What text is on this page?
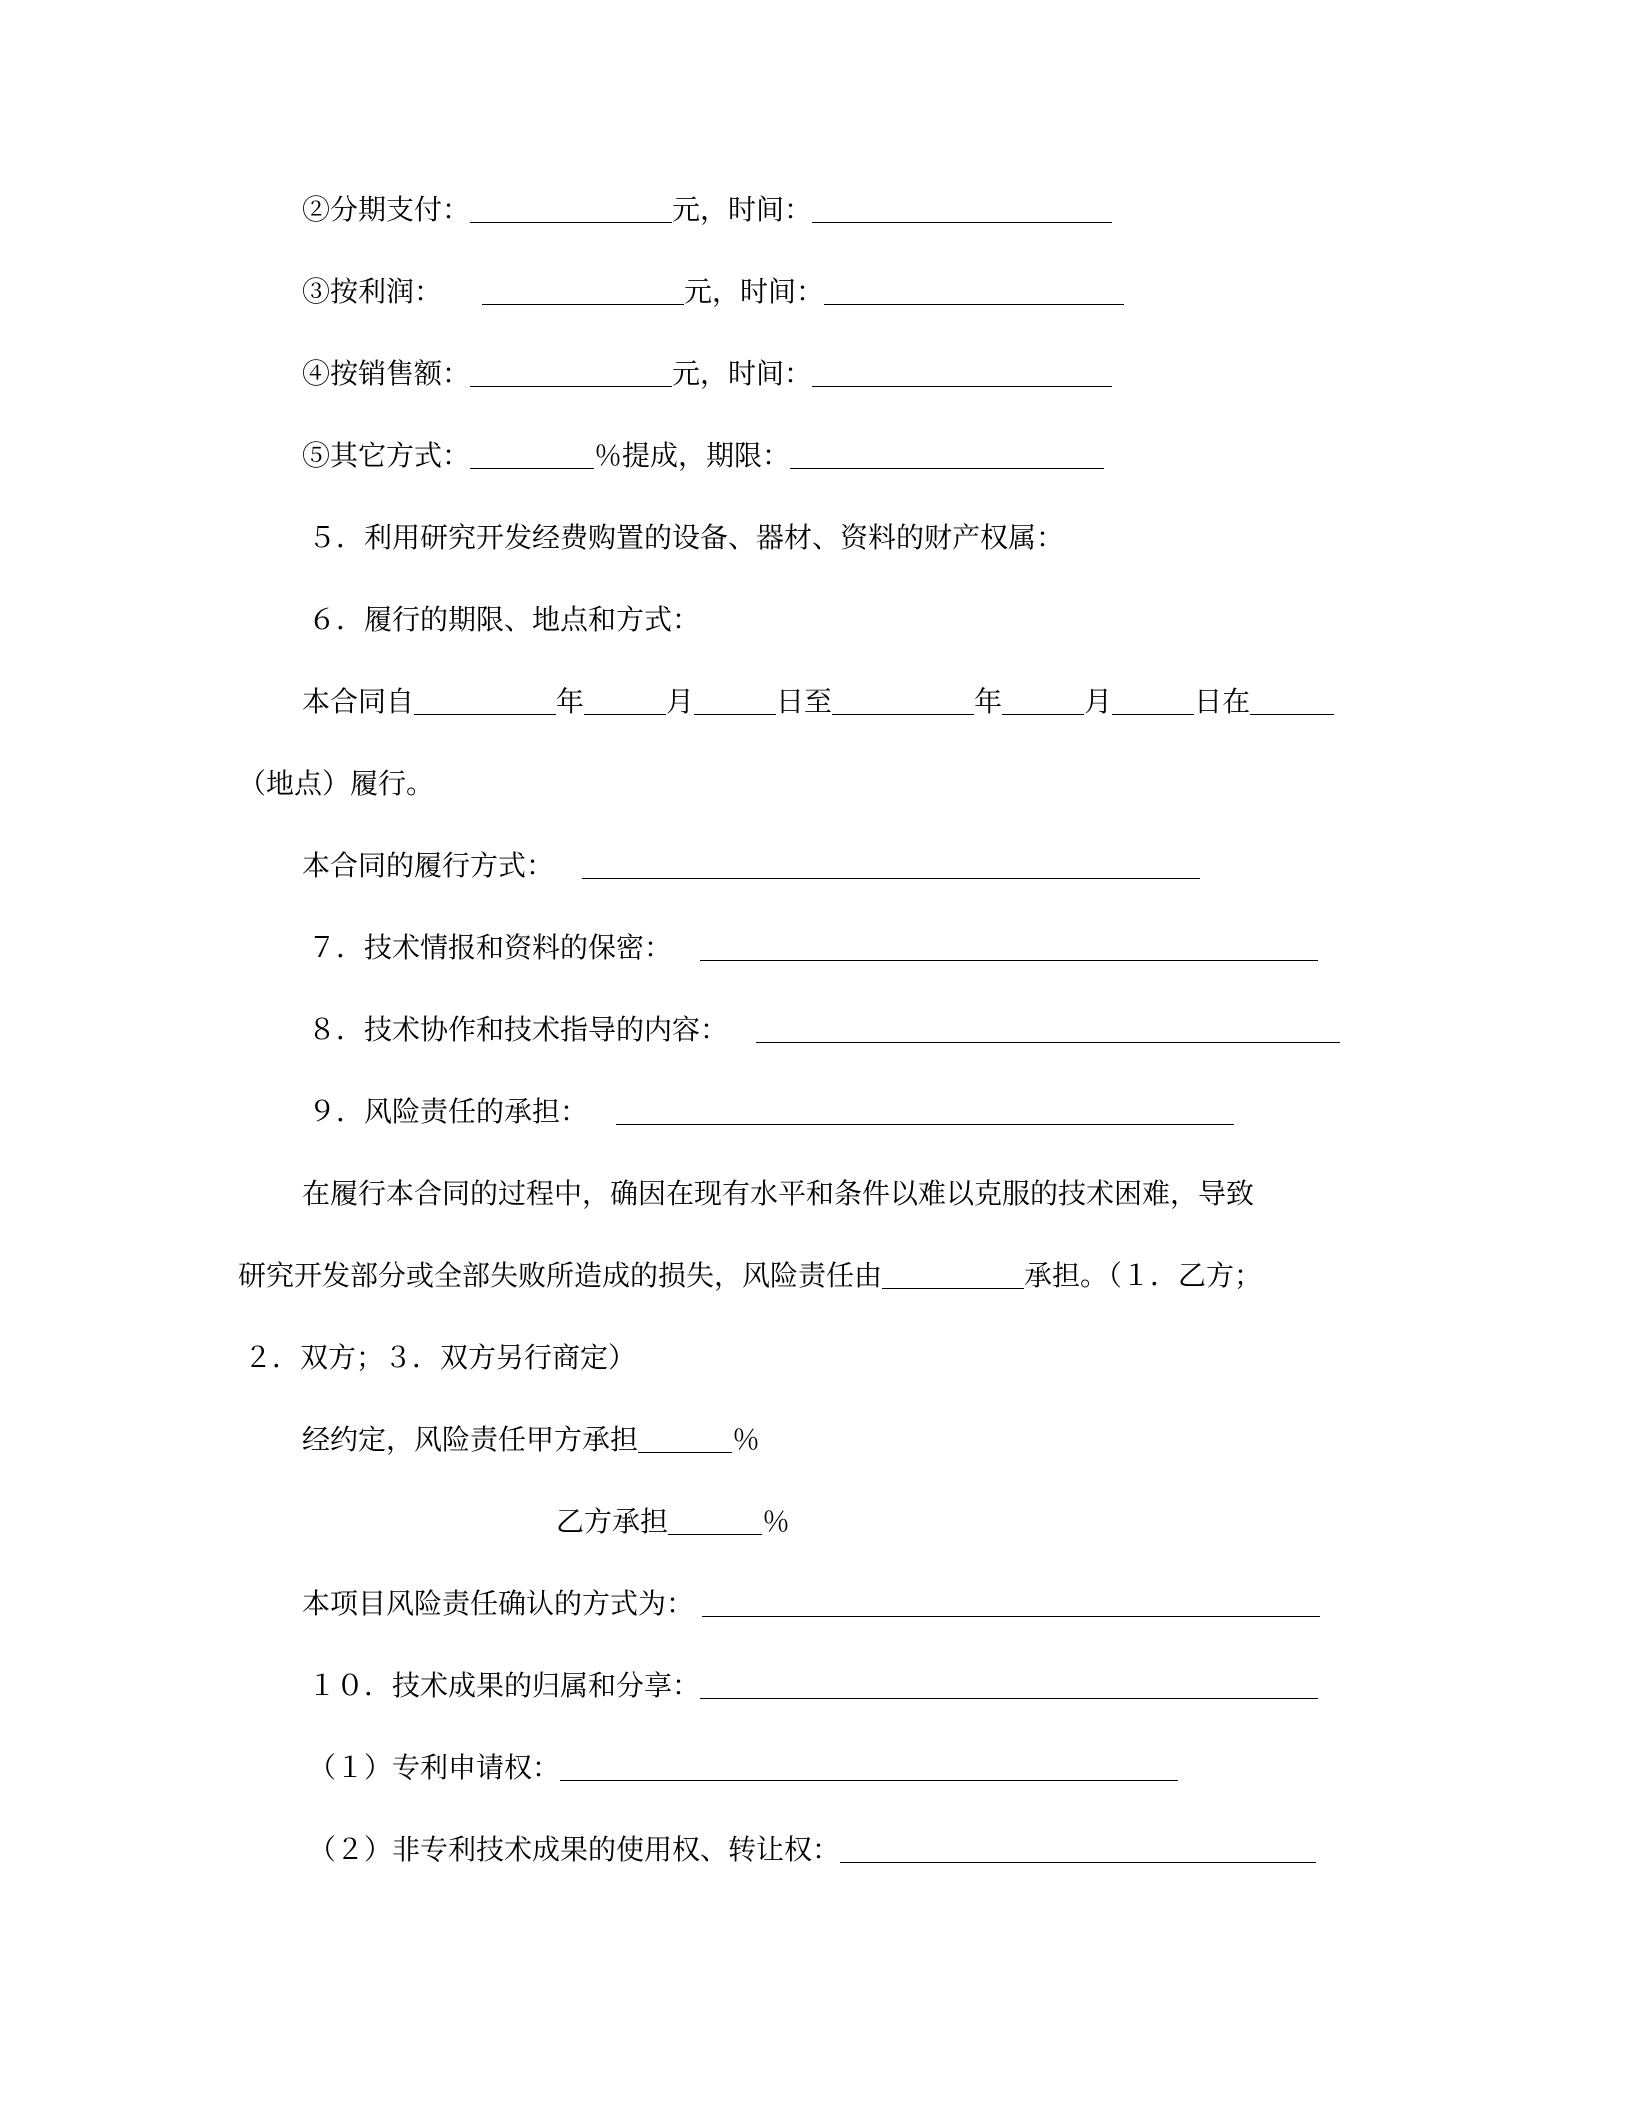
②分期支付：	元，时间：
③按利润：	元，时间：
④按销售额：	元，时间：
⑤其它方式：	％提成，期限：
５．利用研究开发经费购置的设备、器材、资料的财产权属：
６．履行的期限、地点和方式：
本合同自	年	月	日至	年	月	日在
（地点）履行。
本合同的履行方式：
７．技术情报和资料的保密：
８．技术协作和技术指导的内容：
９．风险责任的承担：
在履行本合同的过程中，确因在现有水平和条件以难以克服的技术困难，导致
研究开发部分或全部失败所造成的损失，风险责任由	承担。（１．乙方；
２．双方；３．双方另行商定）
经约定，风险责任甲方承担	％
乙方承担	％
本项目风险责任确认的方式为：
１０．技术成果的归属和分享：
（１）专利申请权：
（２）非专利技术成果的使用权、转让权：
